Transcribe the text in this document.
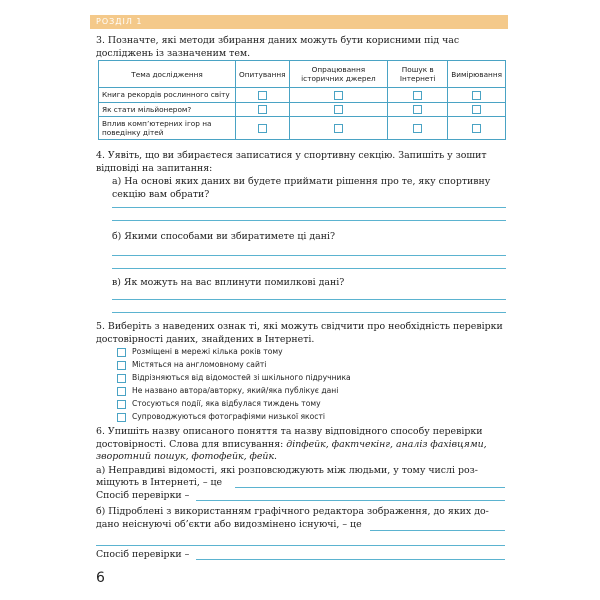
РОЗДІЛ 1
3. Позначте, які методи збирання даних можуть бути корисними під час досліджень із зазначеним тем.
Тема дослідження	Опитування	Опрацювання історичних джерел	Пошук в Інтернеті	Вимірювання
Книга рекордів рослинного світу				
Як стати мільйонером?				
Вплив комп’ютерних ігор на поведінку дітей				
4. Уявіть, що ви збираєтеся записатися у спортивну секцію. Запишіть у зошит відповіді на запитання:
а) На основі яких даних ви будете приймати рішення про те, яку спортивну секцію вам обрати?
б) Якими способами ви збиратимете ці дані?
в) Як можуть на вас вплинути помилкові дані?
5. Виберіть з наведених ознак ті, які можуть свідчити про необхідність перевірки достовірності даних, знайдених в Інтернеті.
Розміщені в мережі кілька років тому
Містяться на англомовному сайті
Відрізняються від відомостей зі шкільного підручника
Не названо автора/авторку, який/яка публікує дані
Стосуються події, яка відбулася тиждень тому
Супроводжуються фотографіями низької якості
6. Упишіть назву описаного поняття та назву відповідного способу перевірки достовірності. Слова для вписування: діпфейк, фактчекінг, аналіз фахівцями, зворотний пошук, фотофейк, фейк.
а) Неправдиві відомості, які розповсюджують між людьми, у тому числі роз-
міщують в Інтернеті, – це
Спосіб перевірки –
б) Підроблені з використанням графічного редактора зображення, до яких до-
дано неіснуючі об’єкти або видозмінено існуючі, – це
Спосіб перевірки –
6
